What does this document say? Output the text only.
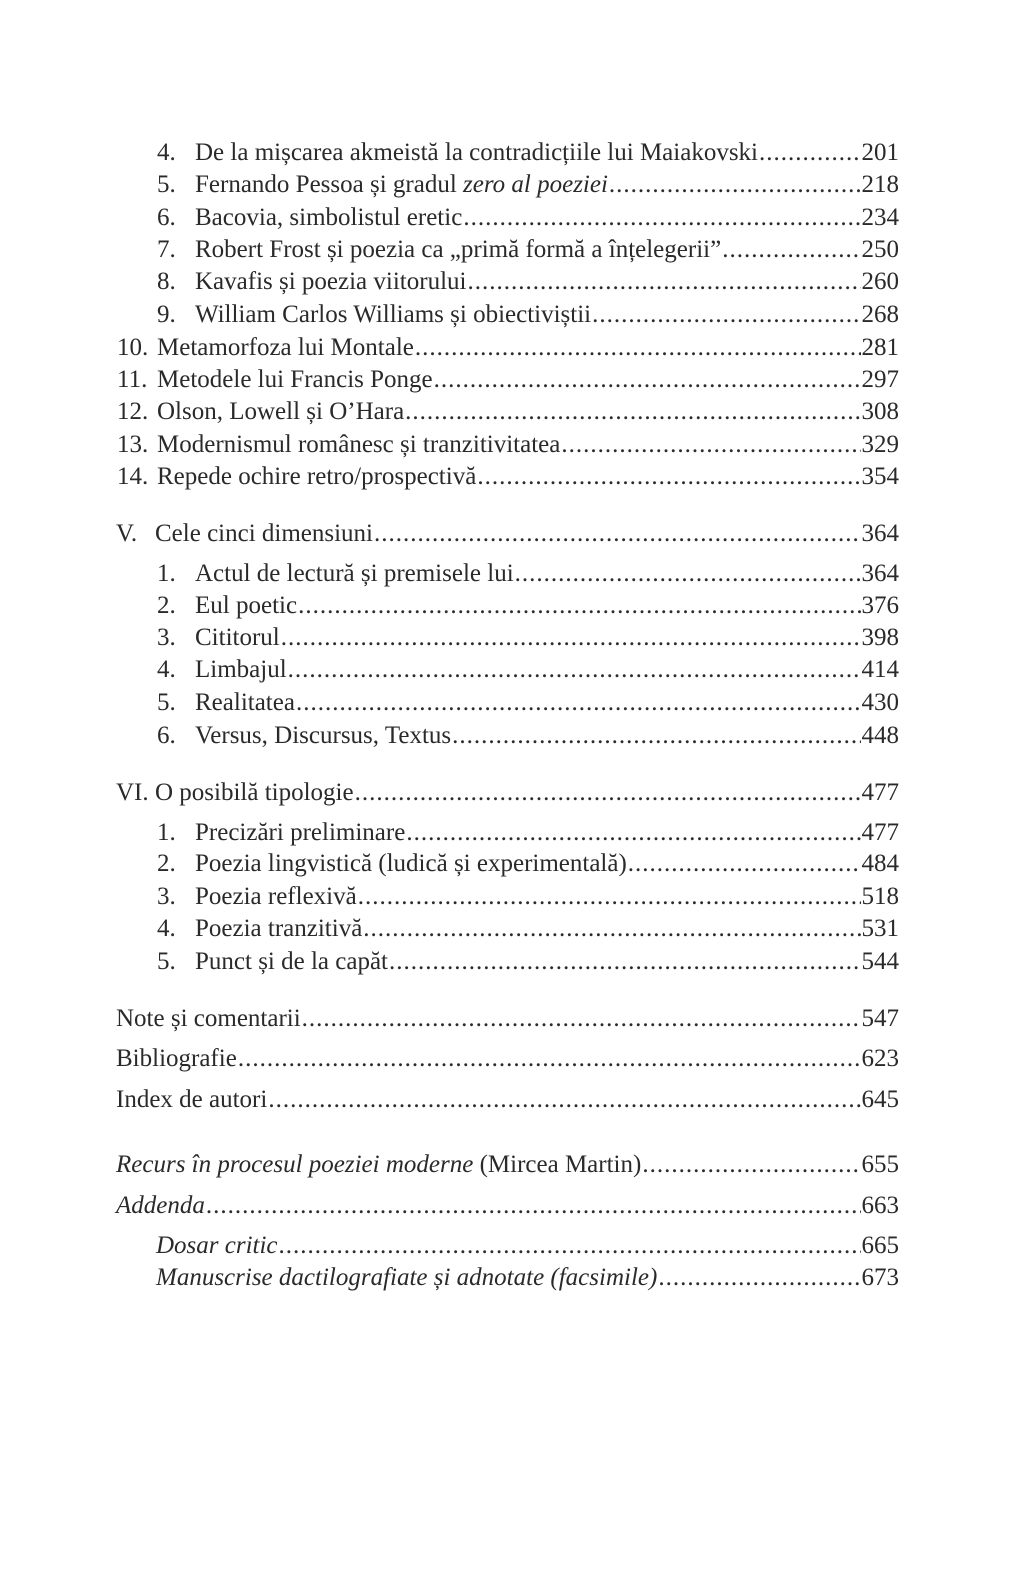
4. De la mișcarea akmeistă la contradicțiile lui Maiakovski .....	201
5. Fernando Pessoa și gradul zero al poeziei .....	218
6. Bacovia, simbolistul eretic .....	234
7. Robert Frost și poezia ca „primă formă a înțelegerii” .....	250
8. Kavafis și poezia viitorului .....	260
9. William Carlos Williams și obiectiviștii .....	268
10. Metamorfoza lui Montale .....	281
11. Metodele lui Francis Ponge .....	297
12. Olson, Lowell și O’Hara .....	308
13. Modernismul românesc și tranzitivitatea .....	329
14. Repede ochire retro/prospectivă .....	354
V. Cele cinci dimensiuni .....	364
1. Actul de lectură și premisele lui .....	364
2. Eul poetic .....	376
3. Cititorul .....	398
4. Limbajul .....	414
5. Realitatea .....	430
6. Versus, Discursus, Textus .....	448
VI. O posibilă tipologie .....	477
1. Precizări preliminare .....	477
2. Poezia lingvistică (ludică și experimentală) .....	484
3. Poezia reflexivă .....	518
4. Poezia tranzitivă .....	531
5. Punct și de la capăt .....	544
Note și comentarii .....	547
Bibliografie .....	623
Index de autori .....	645
Recurs în procesul poeziei moderne (Mircea Martin) .....	655
Addenda .....	663
Dosar critic .....	665
Manuscrise dactilografiate și adnotate (facsimile) .....	673
